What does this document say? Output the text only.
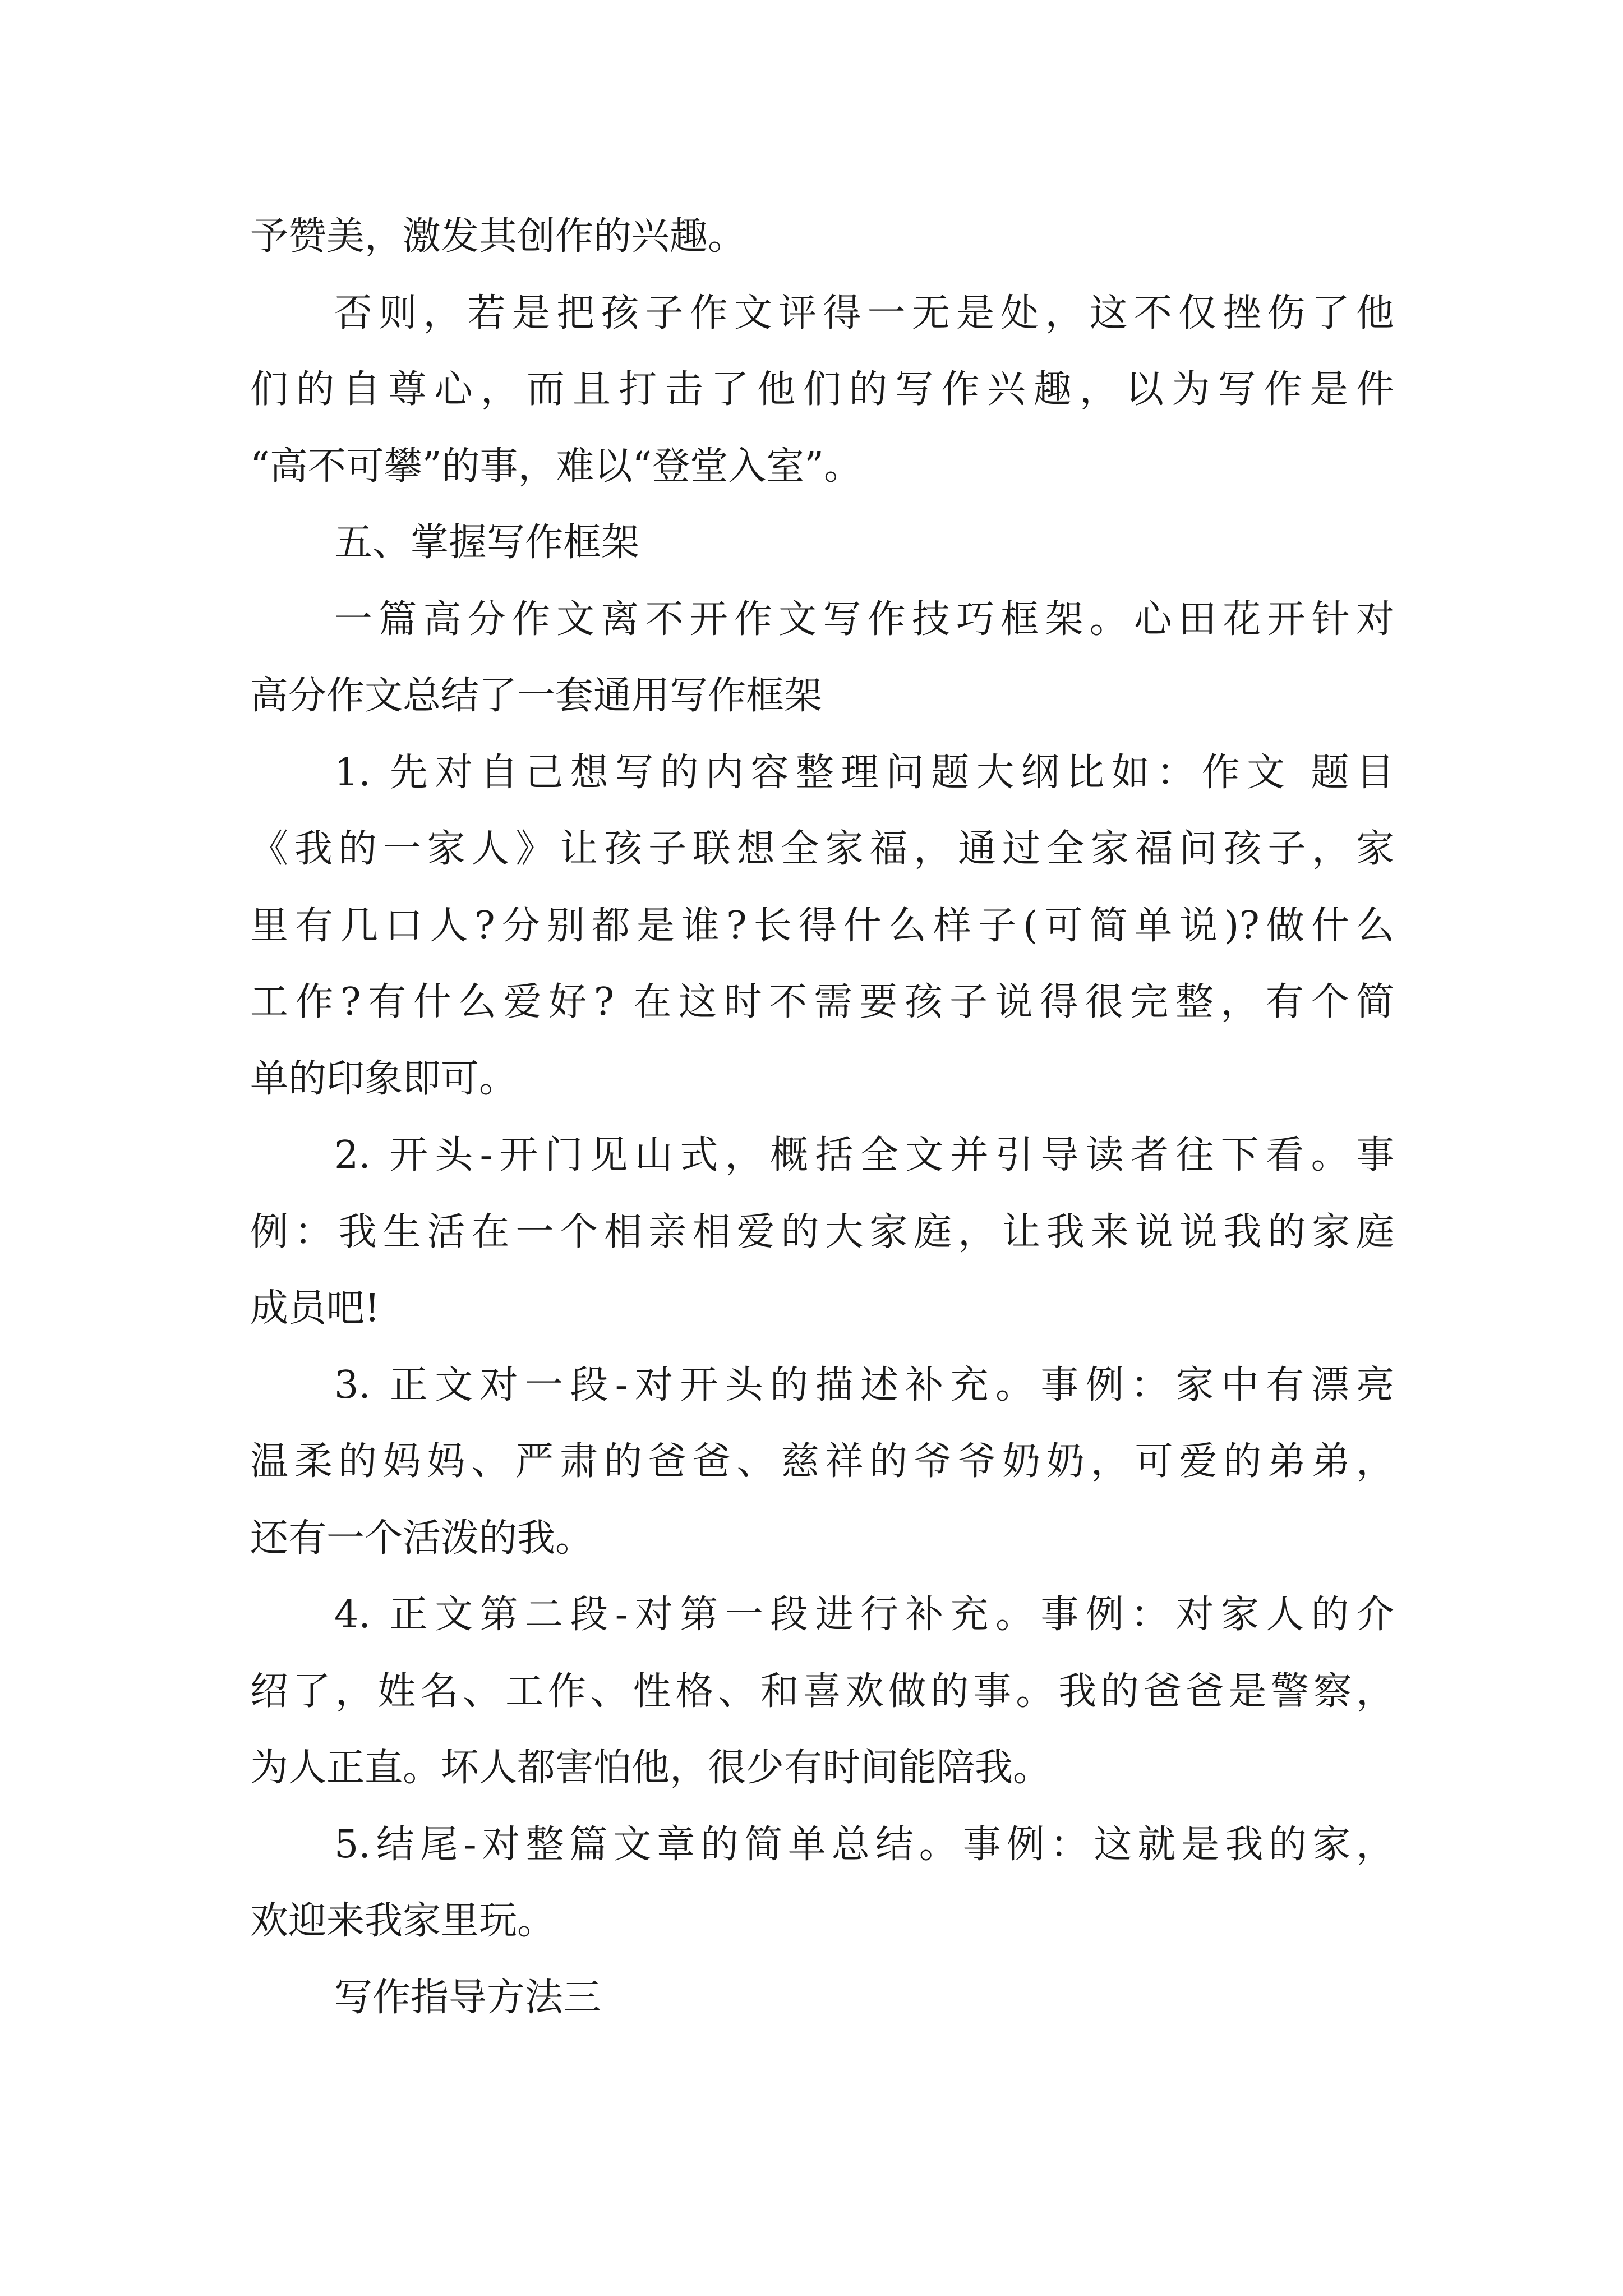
予赞美，激发其创作的兴趣。
否则，若是把孩子作文评得一无是处，这不仅挫伤了他
们的自尊心，而且打击了他们的写作兴趣，以为写作是件
“高不可攀”的事，难以“登堂入室”。
五、掌握写作框架
一篇高分作文离不开作文写作技巧框架。心田花开针对
高分作文总结了一套通用写作框架
1. 先对自己想写的内容整理问题大纲比如：作文 题目
《我的一家人》让孩子联想全家福，通过全家福问孩子，家
里有几口人?分别都是谁?长得什么样子(可简单说)?做什么
工作?有什么爱好? 在这时不需要孩子说得很完整，有个简
单的印象即可。
2. 开头-开门见山式，概括全文并引导读者往下看。事
例：我生活在一个相亲相爱的大家庭，让我来说说我的家庭
成员吧!
3. 正文对一段-对开头的描述补充。事例：家中有漂亮
温柔的妈妈、严肃的爸爸、慈祥的爷爷奶奶，可爱的弟弟，
还有一个活泼的我。
4. 正文第二段-对第一段进行补充。事例：对家人的介
绍了，姓名、工作、性格、和喜欢做的事。我的爸爸是警察，
为人正直。坏人都害怕他，很少有时间能陪我。
5.结尾-对整篇文章的简单总结。事例：这就是我的家，
欢迎来我家里玩。
写作指导方法三
